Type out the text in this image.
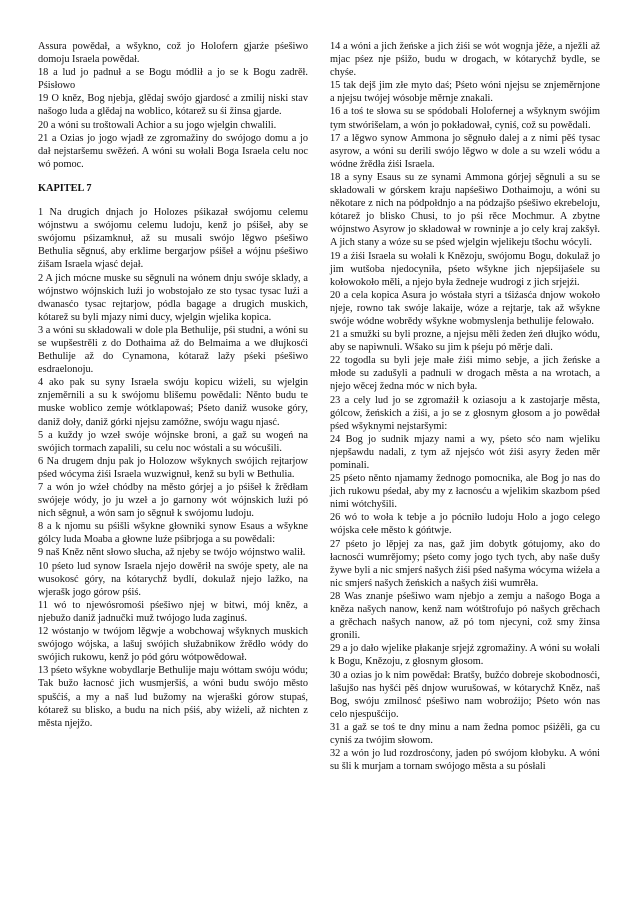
Assura powědał, a wšykno, což jo Holofern gjarźe pśešiwo domoju Israela powědał.

18 a lud jo padnuł a se Bogu módlił a jo se k Bogu zadrěł. Pśisłowo

19 O kněz, Bog njebja, glědaj swójo gjardosć a zmilij niski stav našogo luda a glědaj na woblico, kótarež su śi žinsa gjarde.

20 a wóni su troštowali Achior a su jogo wjelgin chwalili.

21 a Ozias jo jogo wjadł ze zgromažiny do swójogo domu a jo dał nejstaršemu swěźeń. A wóni su wołali Boga Israela celu noc wó pomoc.

KAPITEL 7

1 Na drugich dnjach jo Holozes pśikazał swójomu celemu wójnstwu a swójomu celemu ludoju, kenž jo pśišeł, aby se swójomu pśizamknuł, až su musali swójo lěgwo pśešiwo Bethulia sěgnuś, aby erklime bergarjow pśišeł a wójnu pśešiwo źišam Israela wjasć dejał.

2 A jich mócne muske su sěgnuli na wónem dnju swóje sklady, a wójnstwo wójnskich luźi jo wobstojało ze sto tysac tysac luźi a dwanasćo tysac rejtarjow, pódla bagage a drugich muskich, kótarež su byli mjazy nimi ducy, wjelgin wjelika kopica.

3 a wóni su składowali w dole pla Bethulije, pśi studni, a wóni su se wupšestrěli z do Dothaima až do Belmaima a we dłujkosći Bethulije až do Cynamona, kótaraž lažy pśeki pśešiwo esdraelonoju.

4 ako pak su syny Israela swóju kopicu wiźeli, su wjelgin znjeměrnili a su k swójomu blišemu powědali: Něnto budu te muske woblico zemje wótklapowaś; Pśeto daniž wusoke góry, daniž doły, daniž górki njejsu zamóžne, swóju wagu njasć.

5 a kuždy jo wzeł swóje wójnske broni, a gaž su wogeń na swójich tormach zapalili, su celu noc wóstali a su wócušili.

6 Na drugem dnju pak jo Holozow wšyknych swójich rejtarjow pśed wócyma źiśi Israela wuzwignuł, kenž su byli w Bethulia.

7 a wón jo wźeł chódby na město górjej a jo pśišeł k žrědłam swójeje wódy, jo ju wzeł a jo garnony wót wójnskich luźi pó nich sěgnuł, a wón sam jo sěgnuł k swójomu ludoju.

8 a k njomu su pśišli wšykne głowniki synow Esaus a wšykne gólcy luda Moaba a głowne luźe pśibrjoga a su powědali:

9 naš Kněz něnt słowo słucha, až njeby se twójo wójnstwo walił.

10 pśeto lud synow Israela njejo dowěrił na swóje spety, ale na wusokosć góry, na kótarychž bydlí, dokulaž njejo lažko, na wjerašk jogo górow pśiś.

11 wó to njewósromośi pśešiwo njej w bitwi, mój kněz, a njebužo daniž jadnučki muž twójogo luda zaginuś.

12 wóstanjo w twójom lěgwje a wobchowaj wšyknych muskich swójogo wójska, a lašuj swójich słužabnikow žrědło wódy do swójich rukowu, kenž jo pód góru wótpowědował.

13 pśeto wšykne wobydlarje Bethulije maju wóttam swóju wódu; Tak bužo łacnosć jich wusmjeršiś, a wóni budu swójo město spušćiś, a my a naš lud bužomy na wjeraški górow stupaś, kótarež su blisko, a budu na nich pśiś, aby wiźeli, až nichten z města njejžo.

14 a wóni a jich žeńske a jich źiśi se wót wognja jěźe, a nježli až mjac pśez nje pśižo, budu w drogach, w kótarychž bydle, se chyśe.

15 tak dejš jim złe myto daś; Pśeto wóni njejsu se znjeměrnjone a njejsu twójej wósobje měrnje znakali.

16 a toś te słowa su se spódobali Holofernej a wšyknym swójim tym stwórišelam, a wón jo pokładował, cyniś, což su powědali.

17 a lěgwo synow Ammona jo sěgnuło dalej a z nimi pěś tysac asyrow, a wóni su derili swójo lěgwo w dole a su wzeli wódu a wódne žrědła źiśi Israela.

18 a syny Esaus su ze synami Ammona górjej sěgnuli a su se składowali w górskem kraju napśešiwo Dothaimoju, a wóni su někotare z nich na pódpołdnjo a na pódzajšo pśešiwo ekrebeloju, kótarež jo blisko Chusi, to jo pśi rěce Mochmur. A zbytne wójnstwo Asyrow jo składował w rowninje a jo cely kraj zakšył. A jich stany a wóze su se pśed wjelgin wjelikeju tšochu wócyli.

19 a źiśi Israela su wołali k Knězoju, swójomu Bogu, dokulaž jo jim wutšoba njedocyniła, pśeto wšykne jich njepśijaśele su kołowokoło měli, a njejo była žedneje wudrogi z jich srjejźi.

20 a cela kopica Asura jo wóstała styri a tśiźasća dnjow wokoło njeje, rowno tak swóje lakaije, wóze a rejtarje, tak až wšykne swóje wódne wobrědy wšykne wobmyslenja bethulije felowało.

21 a smužki su byli prozne, a njejsu měli žeden źeń dłujko wódu, aby se napiwnuli. Wšako su jim k pśeju pó měrje dali.

22 togodla su byli jeje małe źiśi mimo sebje, a jich žeńske a młode su zadušyli a padnuli w drogach města a na wrotach, a njejo wěcej žedna móc w nich była.

23 a cely lud jo se zgromaźił k oziasoju a k zastojarje města, gólcow, žeńskich a źiśi, a jo se z głosnym głosom a jo powědał pśed wšyknymi nejstaršymi:

24 Bog jo sudnik mjazy nami a wy, pśeto sćo nam wjeliku njepšawdu nadali, z tym až njejsćo wót źiśi asyry žeden měr pominali.

25 pśeto něnto njamamy žednogo pomocnika, ale Bog jo nas do jich rukowu pśedał, aby my z łacnosću a wjelikim skazbom pśed nimi wótchyšili.

26 wó to woła k tebje a jo pócniło ludoju Holo a jogo celego wójska cełe město k góńtwje.

27 pśeto jo lěpjej za nas, gaž jim dobytk gótujomy, ako do łacnosći wumrějomy; pśeto comy jogo tych tych, aby naše dušy žywe byli a nic smjerś našych źiśi pśed našyma wócyma wiźeła a nic smjerś našych žeńskich a našych źiśi wumrěła.

28 Was znanje pśešiwo wam njebjo a zemju a našogo Boga a kněza našych nanow, kenž nam wótštrofujo pó našych grěchach a grěchach našych nanow, až pó tom njecyni, což smy žinsa gronili.

29 a jo dało wjelike płakanje srjejź zgromažiny. A wóni su wołali k Bogu, Knězoju, z głosnym głosom.

30 a ozias jo k nim powědał: Bratšy, bužćo dobreje skobodnosći, lašujšo nas hyšći pěś dnjow wurušowaś, w kótarychž Kněz, naš Bog, swóju zmilnosć pśešiwo nam wobroźijo; Pśeto wón nas celo njespušćijo.

31 a gaž se toś te dny minu a nam žedna pomoc pśiźěli, ga cu cyniś za twójim słowom.

32 a wón jo lud rozdrosćony, jaden pó swójom kłobyku. A wóni su šli k murjam a tornam swójogo města a su pósłali
